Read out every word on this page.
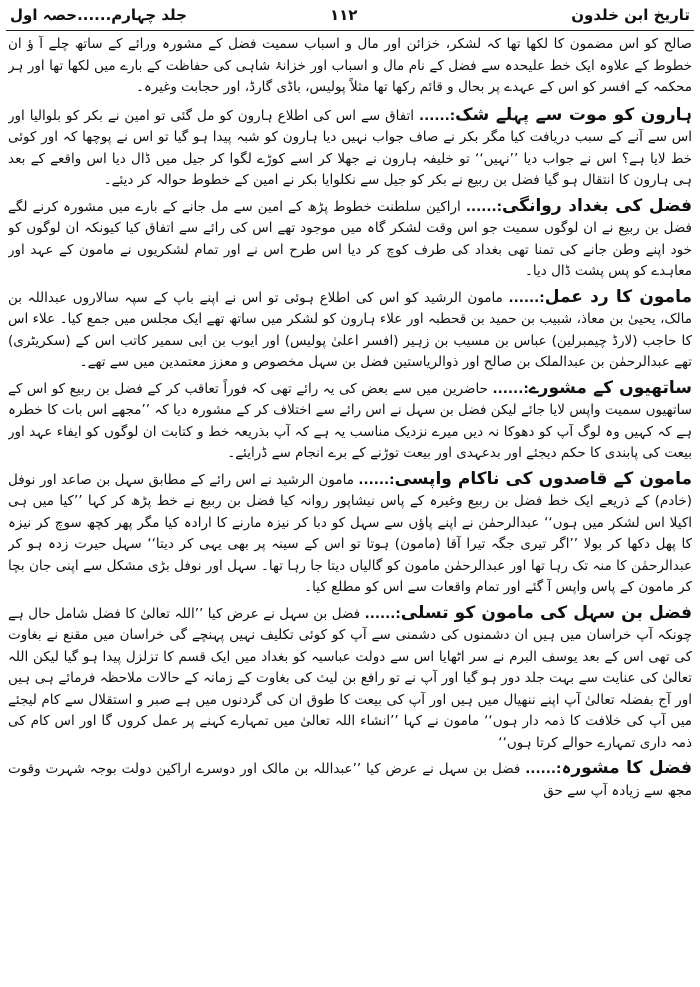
تاریخ ابن خلدون
۱۱۲
جلد چہارم......حصہ اول

صالح کو اس مضمون کا لکھا تھا کہ لشکر، خزائن اور مال و اسباب سمیت فضل کے مشورہ ورائے کے ساتھ چلے آ ؤ ان خطوط کے علاوہ ایک خط علیحدہ سے فضل کے نام مال و اسباب اور خزانۂ شاہی کی حفاظت کے بارے میں لکھا تھا اور ہر محکمہ کے افسر کو اس کے عہدے پر بحال و قائم رکھا تھا مثلاً پولیس، باڈی گارڈ، اور حجابت وغیرہ۔

ہارون کو موت سے پہلے شک:...... اتفاق سے اس کی اطلاع ہارون کو مل گئی تو امین نے بکر کو بلوالیا اور اس سے آنے کے سبب دریافت کیا مگر بکر نے صاف جواب نہیں دیا ہارون کو شبہ پیدا ہو گیا تو اس نے پوچھا کہ اور کوئی خط لایا ہے؟ اس نے جواب دیا ’’نہیں‘‘ تو خلیفہ ہارون نے جھلا کر اسے کوڑے لگوا کر جیل میں ڈال دیا اس واقعے کے بعد ہی ہارون کا انتقال ہو گیا فضل بن ربیع نے بکر کو جیل سے نکلوایا بکر نے امین کے خطوط حوالہ کر دیئے۔

فضل کی بغداد روانگی:...... اراکین سلطنت خطوط پڑھ کے امین سے مل جانے کے بارے میں مشورہ کرنے لگے فضل بن ربیع نے ان لوگوں سمیت جو اس وقت لشکر گاہ میں موجود تھے اس کی رائے سے اتفاق کیا کیونکہ ان لوگوں کو خود اپنے وطن جانے کی تمنا تھی بغداد کی طرف کوچ کر دیا اس طرح اس نے اور تمام لشکریوں نے مامون کے عہد اور معاہدے کو پس پشت ڈال دیا۔

مامون کا رد عمل:...... مامون الرشید کو اس کی اطلاع ہوئی تو اس نے اپنے باپ کے سپہ سالاروں عبداللہ بن مالک، یحییٰ بن معاذ، شبیب بن حمید بن قحطبہ اور علاء ہارون کو لشکر میں ساتھ تھے ایک مجلس میں جمع کیا۔ علاء اس کا حاجب (لارڈ چیمبرلین) عباس بن مسیب بن زہیر (افسر اعلیٰ پولیس) اور ایوب بن ابی سمیر کاتب اس کے (سکریٹری) تھے عبدالرحمٰن بن عبدالملک بن صالح اور ذوالریاستین فضل بن سہل مخصوص و معزز معتمدین میں سے تھے۔

ساتھیوں کے مشورے:...... حاضرین میں سے بعض کی یہ رائے تھی کہ فوراً تعاقب کر کے فضل بن ربیع کو اس کے ساتھیوں سمیت واپس لایا جائے لیکن فضل بن سہل نے اس رائے سے اختلاف کر کے مشورہ دیا کہ ’’مجھے اس بات کا خطرہ ہے کہ کہیں وہ لوگ آپ کو دھوکا نہ دیں میرے نزدیک مناسب یہ ہے کہ آپ بذریعہ خط و کتابت ان لوگوں کو ایفاء عہد اور بیعت کی پابندی کا حکم دیجئے اور بدعہدی اور بیعت توڑنے کے برے انجام سے ڈرایئے۔

مامون کے قاصدوں کی ناکام واپسی:...... مامون الرشید نے اس رائے کے مطابق سہل بن صاعد اور نوفل (خادم) کے ذریعے ایک خط فضل بن ربیع وغیرہ کے پاس نیشاپور روانہ کیا فضل بن ربیع نے خط پڑھ کر کہا ’’کیا میں ہی اکیلا اس لشکر میں ہوں‘‘ عبدالرحمٰن نے اپنے پاؤں سے سہل کو دبا کر نیزہ مارنے کا ارادہ کیا مگر پھر کچھ سوچ کر نیزہ کا پھل دکھا کر بولا ’’اگر تیری جگہ تیرا آقا (مامون) ہوتا تو اس کے سینہ پر بھی یہی کر دیتا‘‘ سہل حیرت زدہ ہو کر عبدالرحمٰن کا منہ تک رہا تھا اور عبدالرحمٰن مامون کو گالیاں دیتا جا رہا تھا۔ سہل اور نوفل بڑی مشکل سے اپنی جان بچا کر مامون کے پاس واپس آ گئے اور تمام واقعات سے اس کو مطلع کیا۔

فضل بن سہل کی مامون کو تسلی:...... فضل بن سہل نے عرض کیا ’’اللہ تعالیٰ کا فضل شامل حال ہے چونکہ آپ خراسان میں ہیں ان دشمنوں کی دشمنی سے آپ کو کوئی تکلیف نہیں پہنچے گی خراسان میں مقنع نے بغاوت کی تھی اس کے بعد یوسف البرم نے سر اٹھایا اس سے دولت عباسیہ کو بغداد میں ایک قسم کا تزلزل پیدا ہو گیا لیکن اللہ تعالیٰ کی عنایت سے بہت جلد دور ہو گیا اور آپ نے تو رافع بن لیث کی بغاوت کے زمانہ کے حالات ملاحظہ فرمائے ہی ہیں اور آج بفضلہ تعالیٰ آپ اپنے ننھیال میں ہیں اور آپ کی بیعت کا طوق ان کی گردنوں میں ہے صبر و استقلال سے کام لیجئے میں آپ کی خلافت کا ذمہ دار ہوں‘‘ مامون نے کہا ’’انشاء اللہ تعالیٰ میں تمہارے کہنے پر عمل کروں گا اور اس کام کی ذمہ داری تمہارے حوالے کرتا ہوں‘‘

فضل کا مشورہ:...... فضل بن سہل نے عرض کیا ’’عبداللہ بن مالک اور دوسرے اراکین دولت بوجہ شہرت وقوت مجھ سے زیادہ آپ سے حق
